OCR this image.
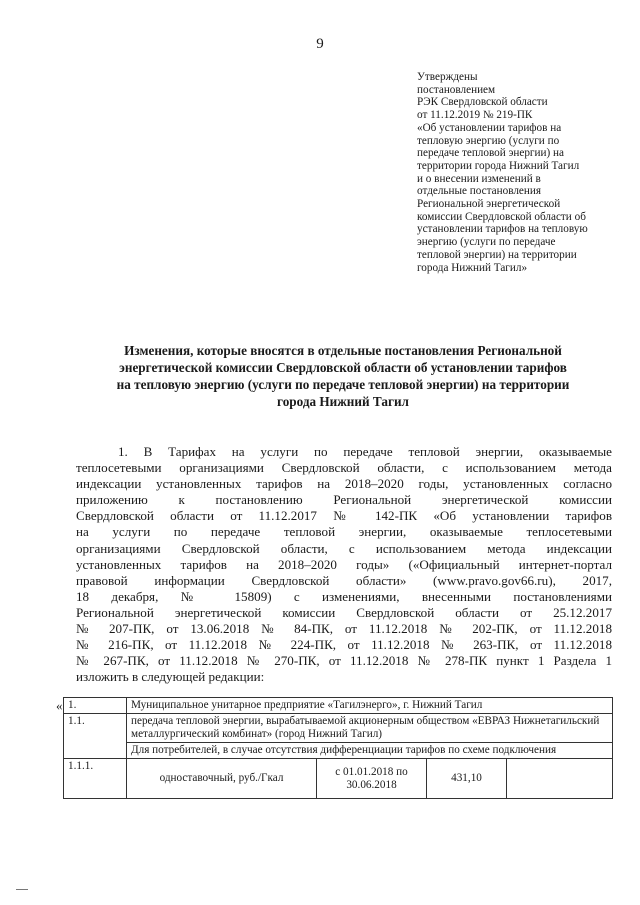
9
Утверждены
постановлением
РЭК Свердловской области
от 11.12.2019 № 219-ПК
«Об установлении тарифов на
тепловую энергию (услуги по
передаче тепловой энергии) на
территории города Нижний Тагил
и о внесении изменений в
отдельные постановления
Региональной энергетической
комиссии Свердловской области об
установлении тарифов на тепловую
энергию (услуги по передаче
тепловой энергии) на территории
города Нижний Тагил»
Изменения, которые вносятся в отдельные постановления Региональной
энергетической комиссии Свердловской области об установлении тарифов
на тепловую энергию (услуги по передаче тепловой энергии) на территории
города Нижний Тагил
1. В Тарифах на услуги по передаче тепловой энергии, оказываемые
теплосетевыми организациями Свердловской области, с использованием метода
индексации установленных тарифов на 2018–2020 годы, установленных согласно
приложению к постановлению Региональной энергетической комиссии
Свердловской области от 11.12.2017 № 142-ПК «Об установлении тарифов
на услуги по передаче тепловой энергии, оказываемые теплосетевыми
организациями Свердловской области, с использованием метода индексации
установленных тарифов на 2018–2020 годы» («Официальный интернет-портал
правовой информации Свердловской области» (www.pravo.gov66.ru), 2017,
18 декабря, № 15809) с изменениями, внесенными постановлениями
Региональной энергетической комиссии Свердловской области от 25.12.2017
№ 207-ПК, от 13.06.2018 № 84-ПК, от 11.12.2018 № 202-ПК, от 11.12.2018
№ 216-ПК, от 11.12.2018 № 224-ПК, от 11.12.2018 № 263-ПК, от 11.12.2018
№ 267-ПК, от 11.12.2018 № 270-ПК, от 11.12.2018 № 278-ПК пункт 1 Раздела 1
изложить в следующей редакции:
« 1.	Муниципальное унитарное предприятие «Тагилэнерго», г. Нижний Тагил			
1.1.	передача тепловой энергии, вырабатываемой акционерным обществом «ЕВРАЗ Нижнетагильский металлургический комбинат» (город Нижний Тагил)			
	Для потребителей, в случае отсутствия дифференциации тарифов по схеме подключения			
1.1.1.	одноставочный, руб./Гкал	с 01.01.2018 по 30.06.2018	431,10	
